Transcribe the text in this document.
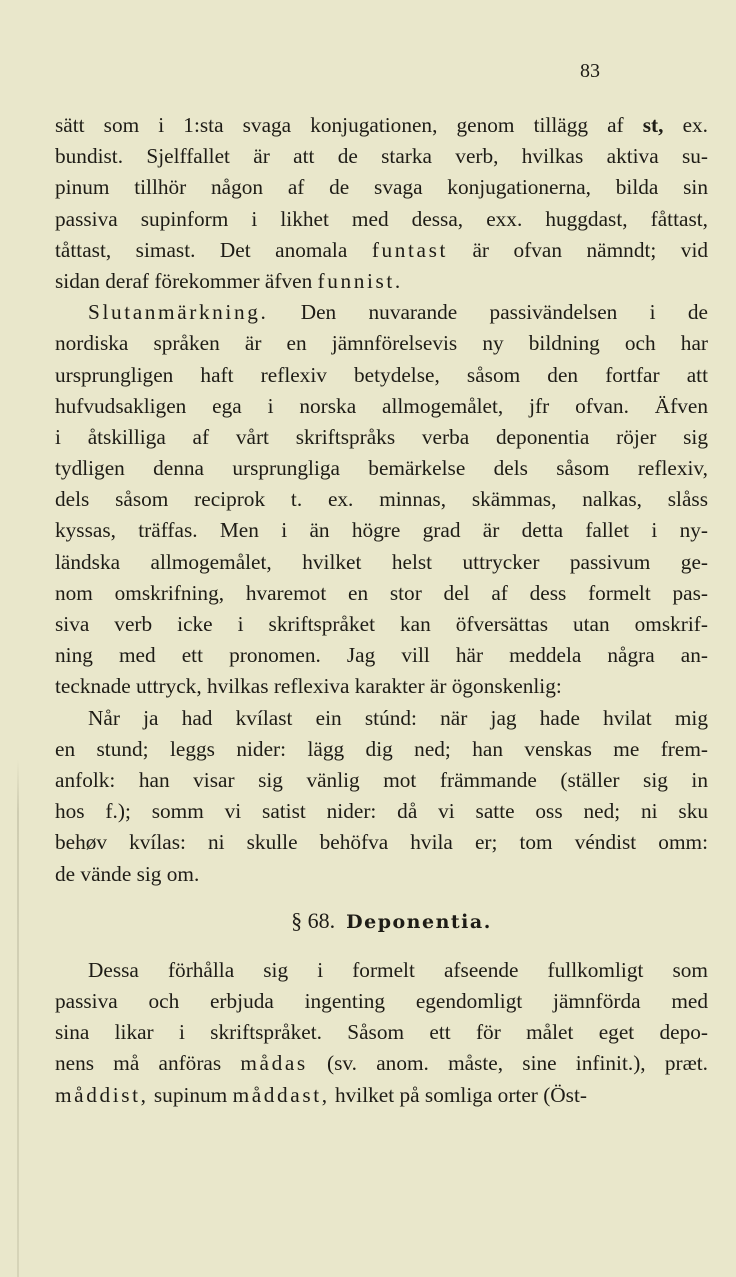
83
sätt som i 1:sta svaga konjugationen, genom tillägg af st, ex.
bundist. Sjelffallet är att de starka verb, hvilkas aktiva su-
pinum tillhör någon af de svaga konjugationerna, bilda sin
passiva supinform i likhet med dessa, exx. huggdast, fåttast,
tåttast, simast. Det anomala funtast är ofvan nämndt; vid
sidan deraf förekommer äfven funnist.
Slutanmärkning. Den nuvarande passivändelsen i de
nordiska språken är en jämnförelsevis ny bildning och har
ursprungligen haft reflexiv betydelse, såsom den fortfar att
hufvudsakligen ega i norska allmogemålet, jfr ofvan. Äfven
i åtskilliga af vårt skriftspråks verba deponentia röjer sig
tydligen denna ursprungliga bemärkelse dels såsom reflexiv,
dels såsom reciprok t. ex. minnas, skämmas, nalkas, slåss
kyssas, träffas. Men i än högre grad är detta fallet i ny-
ländska allmogemålet, hvilket helst uttrycker passivum ge-
nom omskrifning, hvaremot en stor del af dess formelt pas-
siva verb icke i skriftspråket kan öfversättas utan omskrif-
ning med ett pronomen. Jag vill här meddela några an-
tecknade uttryck, hvilkas reflexiva karakter är ögonskenlig:
Når ja had kvílast ein stúnd: när jag hade hvilat mig
en stund; leggs nider: lägg dig ned; han venskas me frem-
anfolk: han visar sig vänlig mot främmande (ställer sig in
hos f.); somm vi satist nider: då vi satte oss ned; ni sku
behøv kvílas: ni skulle behöfva hvila er; tom véndist omm:
de vände sig om.
§ 68. Deponentia.
Dessa förhålla sig i formelt afseende fullkomligt som
passiva och erbjuda ingenting egendomligt jämnförda med
sina likar i skriftspråket. Såsom ett för målet eget depo-
nens må anföras mådas (sv. anom. måste, sine infinit.), præt.
måddist, supinum måddast, hvilket på somliga orter (Öst-
